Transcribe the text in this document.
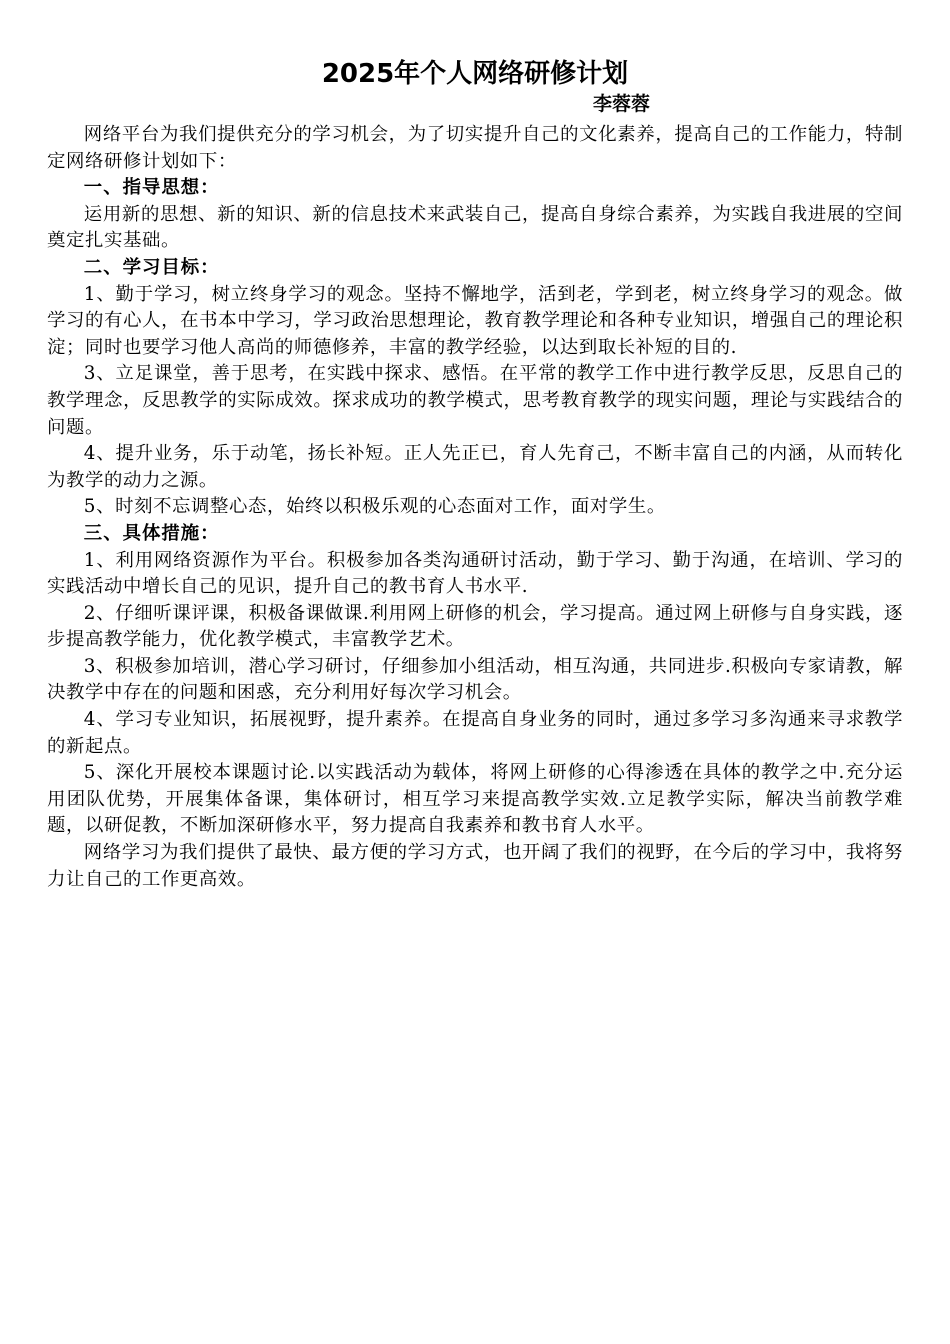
2025年个人网络研修计划
李蓉蓉

网络平台为我们提供充分的学习机会，为了切实提升自己的文化素养，提高自己的工作能力，特制定网络研修计划如下：

一、指导思想：

运用新的思想、新的知识、新的信息技术来武装自己，提高自身综合素养，为实践自我进展的空间奠定扎实基础。

二、学习目标：

1、勤于学习，树立终身学习的观念。坚持不懈地学，活到老，学到老，树立终身学习的观念。做学习的有心人，在书本中学习，学习政治思想理论，教育教学理论和各种专业知识，增强自己的理论积淀；同时也要学习他人高尚的师德修养，丰富的教学经验，以达到取长补短的目的.

3、立足课堂，善于思考，在实践中探求、感悟。在平常的教学工作中进行教学反思，反思自己的教学理念，反思教学的实际成效。探求成功的教学模式，思考教育教学的现实问题，理论与实践结合的问题。

4、提升业务，乐于动笔，扬长补短。正人先正已，育人先育己，不断丰富自己的内涵，从而转化为教学的动力之源。

5、时刻不忘调整心态，始终以积极乐观的心态面对工作，面对学生。

三、具体措施：

1、利用网络资源作为平台。积极参加各类沟通研讨活动，勤于学习、勤于沟通，在培训、学习的实践活动中增长自己的见识，提升自己的教书育人书水平.

2、仔细听课评课，积极备课做课.利用网上研修的机会，学习提高。通过网上研修与自身实践，逐步提高教学能力，优化教学模式，丰富教学艺术。

3、积极参加培训，潜心学习研讨，仔细参加小组活动，相互沟通，共同进步.积极向专家请教，解决教学中存在的问题和困惑，充分利用好每次学习机会。

4、学习专业知识，拓展视野，提升素养。在提高自身业务的同时，通过多学习多沟通来寻求教学的新起点。

5、深化开展校本课题讨论.以实践活动为载体，将网上研修的心得渗透在具体的教学之中.充分运用团队优势，开展集体备课，集体研讨，相互学习来提高教学实效.立足教学实际，解决当前教学难题，以研促教，不断加深研修水平，努力提高自我素养和教书育人水平。

网络学习为我们提供了最快、最方便的学习方式，也开阔了我们的视野，在今后的学习中，我将努力让自己的工作更高效。
